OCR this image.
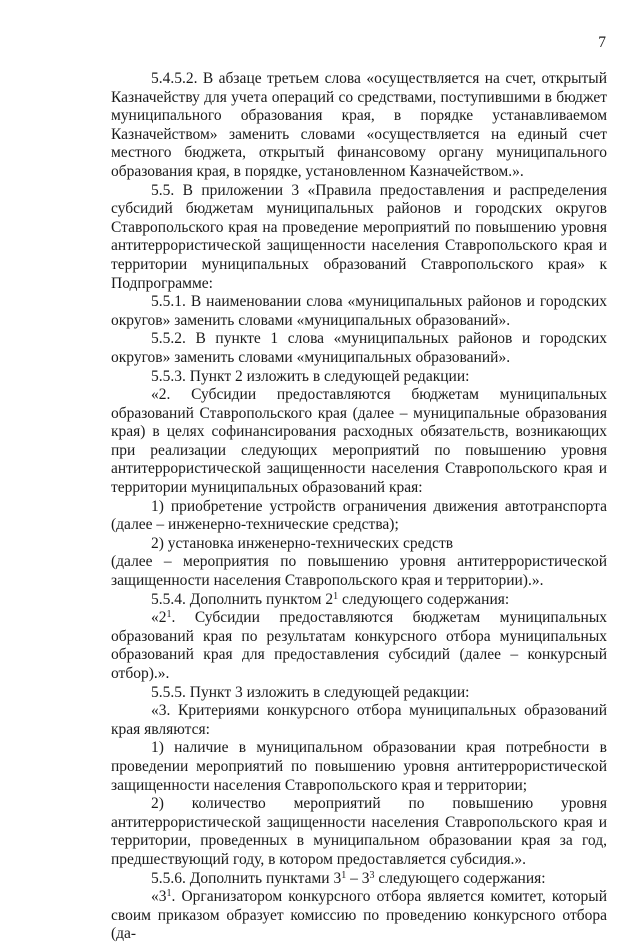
7

5.4.5.2. В абзаце третьем слова «осуществляется на счет, открытый Казначейству для учета операций со средствами, поступившими в бюджет муниципального образования края, в порядке устанавливаемом Казначейством» заменить словами «осуществляется на единый счет местного бюджета, открытый финансовому органу муниципального образования края, в порядке, установленном Казначейством.».

5.5. В приложении 3 «Правила предоставления и распределения субсидий бюджетам муниципальных районов и городских округов Ставропольского края на проведение мероприятий по повышению уровня антитеррористической защищенности населения Ставропольского края и территории муниципальных образований Ставропольского края» к Подпрограмме:

5.5.1. В наименовании слова «муниципальных районов и городских округов» заменить словами «муниципальных образований».

5.5.2. В пункте 1 слова «муниципальных районов и городских округов» заменить словами «муниципальных образований».

5.5.3. Пункт 2 изложить в следующей редакции:

«2. Субсидии предоставляются бюджетам муниципальных образований Ставропольского края (далее – муниципальные образования края) в целях софинансирования расходных обязательств, возникающих при реализации следующих мероприятий по повышению уровня антитеррористической защищенности населения Ставропольского края и территории муниципальных образований края:

1) приобретение устройств ограничения движения автотранспорта (далее – инженерно-технические средства);

2) установка инженерно-технических средств

(далее – мероприятия по повышению уровня антитеррористической защищенности населения Ставропольского края и территории).».

5.5.4. Дополнить пунктом $2^1$ следующего содержания:

«$2^1$. Субсидии предоставляются бюджетам муниципальных образований края по результатам конкурсного отбора муниципальных образований края для предоставления субсидий (далее – конкурсный отбор).».

5.5.5. Пункт 3 изложить в следующей редакции:

«3. Критериями конкурсного отбора муниципальных образований края являются:

1) наличие в муниципальном образовании края потребности в проведении мероприятий по повышению уровня антитеррористической защищенности населения Ставропольского края и территории;

2) количество мероприятий по повышению уровня антитеррористической защищенности населения Ставропольского края и территории, проведенных в муниципальном образовании края за год, предшествующий году, в котором предоставляется субсидия.».

5.5.6. Дополнить пунктами $3^1 - 3^3$ следующего содержания:

«$3^1$. Организатором конкурсного отбора является комитет, который своим приказом образует комиссию по проведению конкурсного отбора (да-
